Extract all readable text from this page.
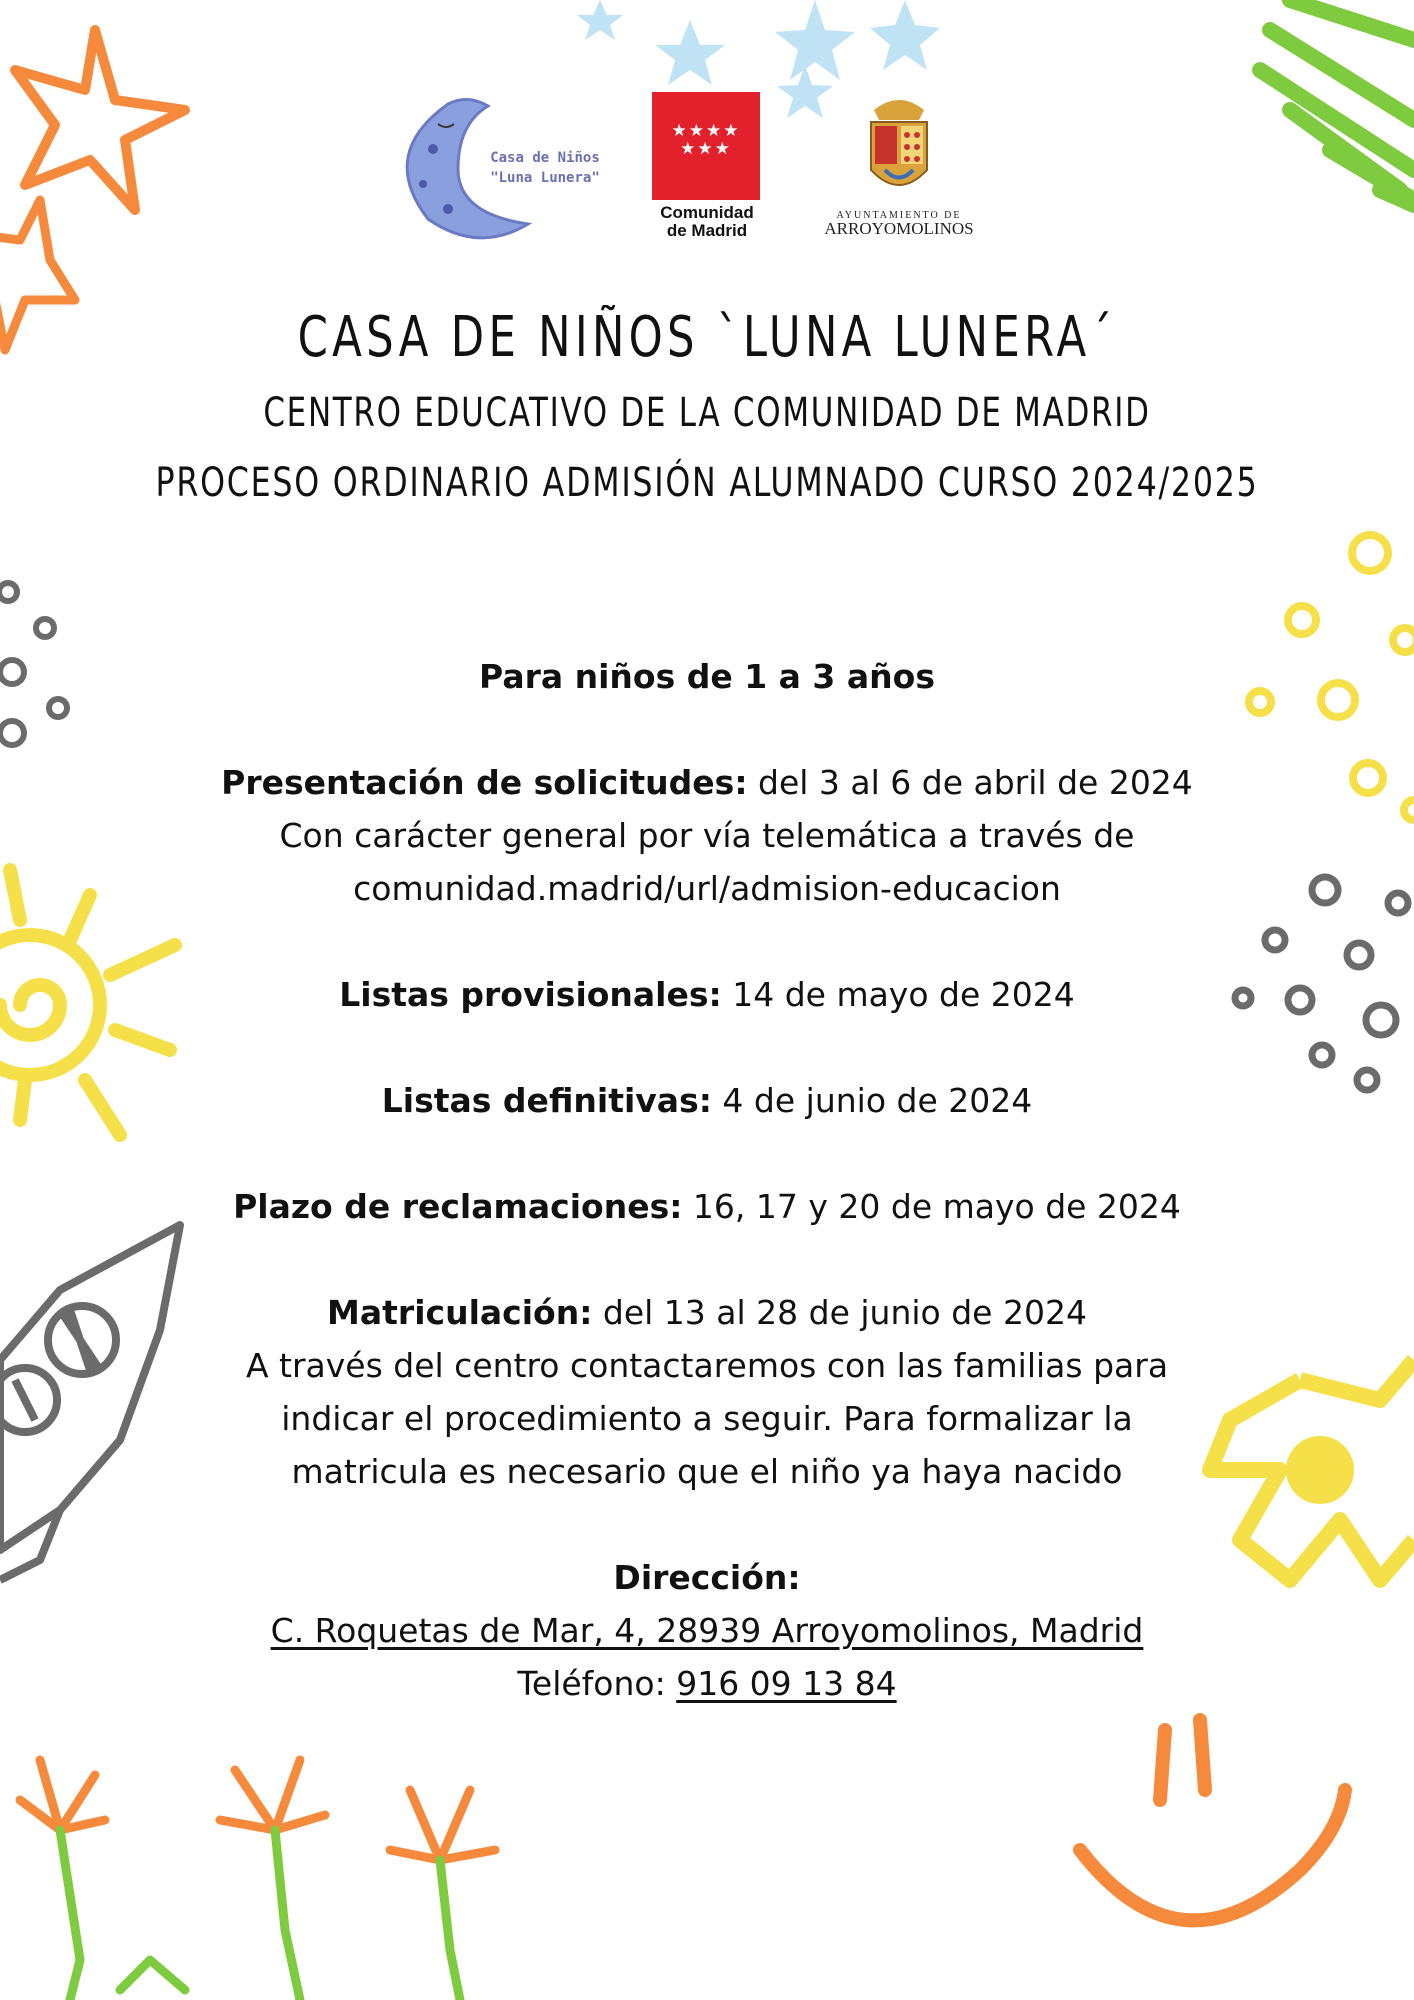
Casa de Niños "Luna Lunera"
★★★★
★★★
Comunidad
de Madrid
AYUNTAMIENTO DE
ARROYOMOLINOS
CASA DE NIÑOS `LUNA LUNERA´
CENTRO EDUCATIVO DE LA COMUNIDAD DE MADRID
PROCESO ORDINARIO ADMISIÓN ALUMNADO CURSO 2024/2025
Para niños de 1 a 3 años
Presentación de solicitudes: del 3 al 6 de abril de 2024
Con carácter general por vía telemática a través de
comunidad.madrid/url/admision-educacion
Listas provisionales: 14 de mayo de 2024
Listas definitivas: 4 de junio de 2024
Plazo de reclamaciones: 16, 17 y 20 de mayo de 2024
Matriculación: del 13 al 28 de junio de 2024
A través del centro contactaremos con las familias para
indicar el procedimiento a seguir. Para formalizar la
matricula es necesario que el niño ya haya nacido
Dirección:
C. Roquetas de Mar, 4, 28939 Arroyomolinos, Madrid
Teléfono: 916 09 13 84
